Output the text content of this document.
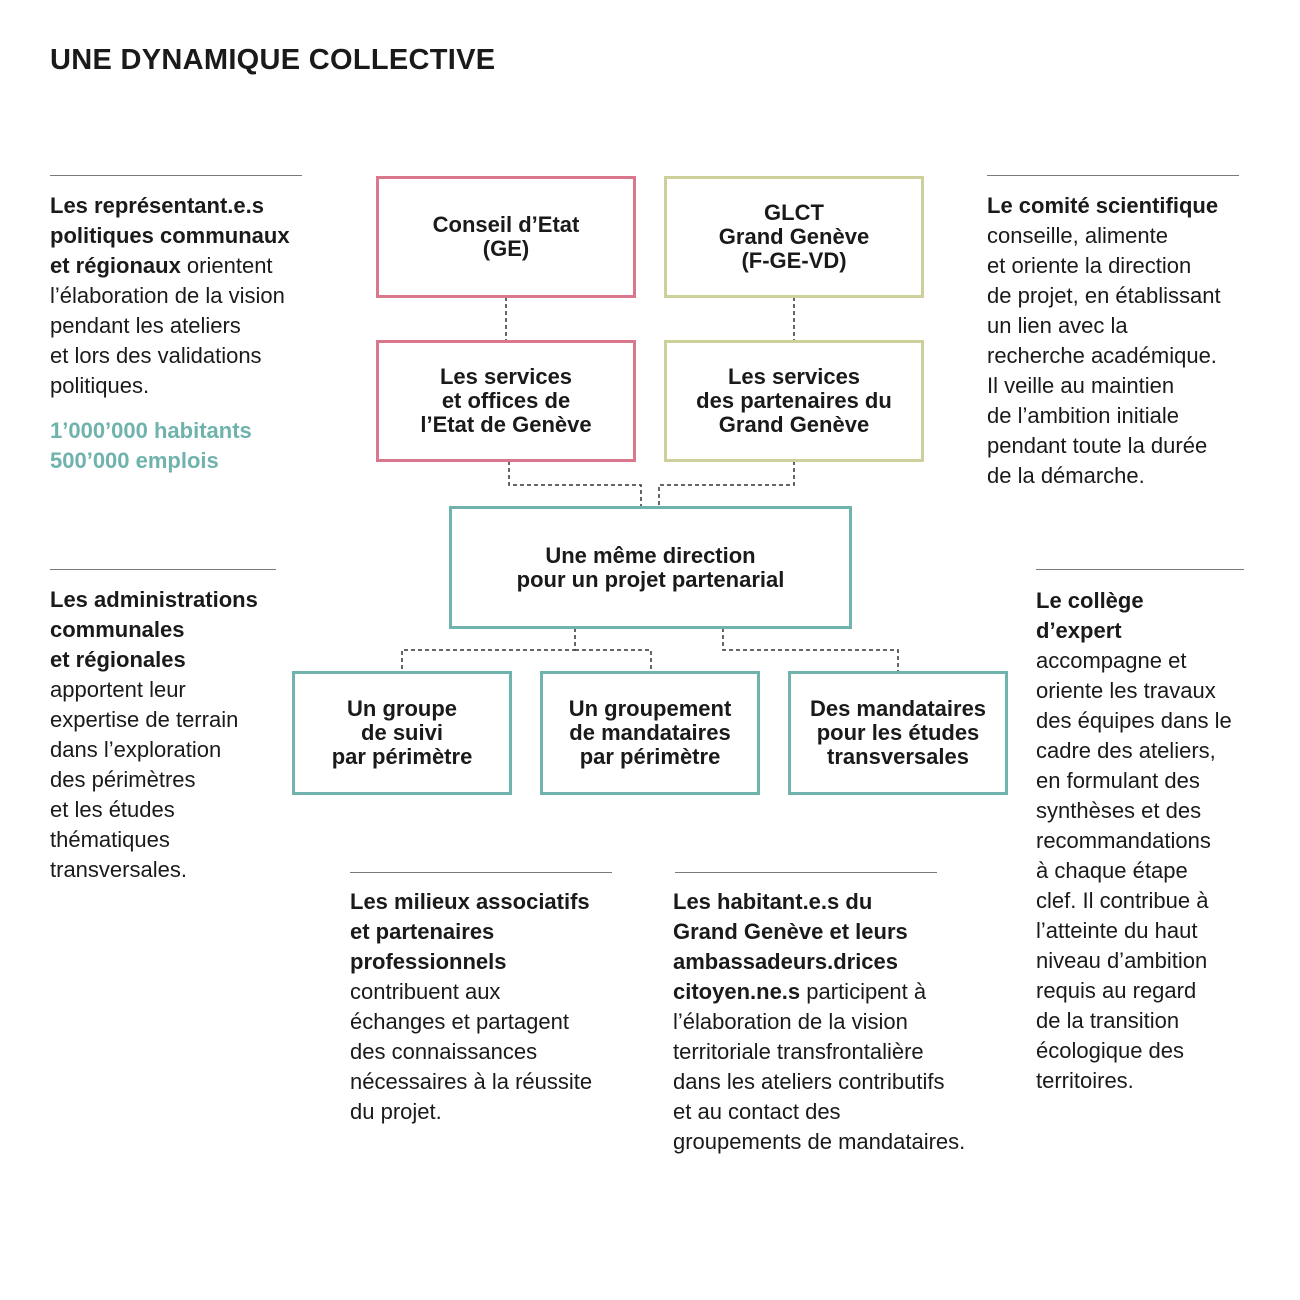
UNE DYNAMIQUE COLLECTIVE
Conseil d’Etat
(GE)
GLCT
Grand Genève
(F-GE-VD)
Les services
et offices de
l’Etat de Genève
Les services
des partenaires du
Grand Genève
Une même direction
pour un projet partenarial
Un groupe
de suivi
par périmètre
Un groupement
de mandataires
par périmètre
Des mandataires
pour les études
transversales

Les représentant.e.s
politiques communaux
et régionaux orientent
l’élaboration de la vision
pendant les ateliers
et lors des validations
politiques.

1’000’000 habitants
500’000 emplois

Les administrations
communales
et régionales
apportent leur
expertise de terrain
dans l’exploration
des périmètres
et les études
thématiques
transversales.

Le comité scientifique
conseille, alimente
et oriente la direction
de projet, en établissant
un lien avec la
recherche académique.
Il veille au maintien
de l’ambition initiale
pendant toute la durée
de la démarche.

Le collège
d’expert
accompagne et
oriente les travaux
des équipes dans le
cadre des ateliers,
en formulant des
synthèses et des
recommandations
à chaque étape
clef. Il contribue à
l’atteinte du haut
niveau d’ambition
requis au regard
de la transition
écologique des
territoires.

Les milieux associatifs
et partenaires
professionnels
contribuent aux
échanges et partagent
des connaissances
nécessaires à la réussite
du projet.

Les habitant.e.s du
Grand Genève et leurs
ambassadeurs.drices
citoyen.ne.s participent à
l’élaboration de la vision
territoriale transfrontalière
dans les ateliers contributifs
et au contact des
groupements de mandataires.
